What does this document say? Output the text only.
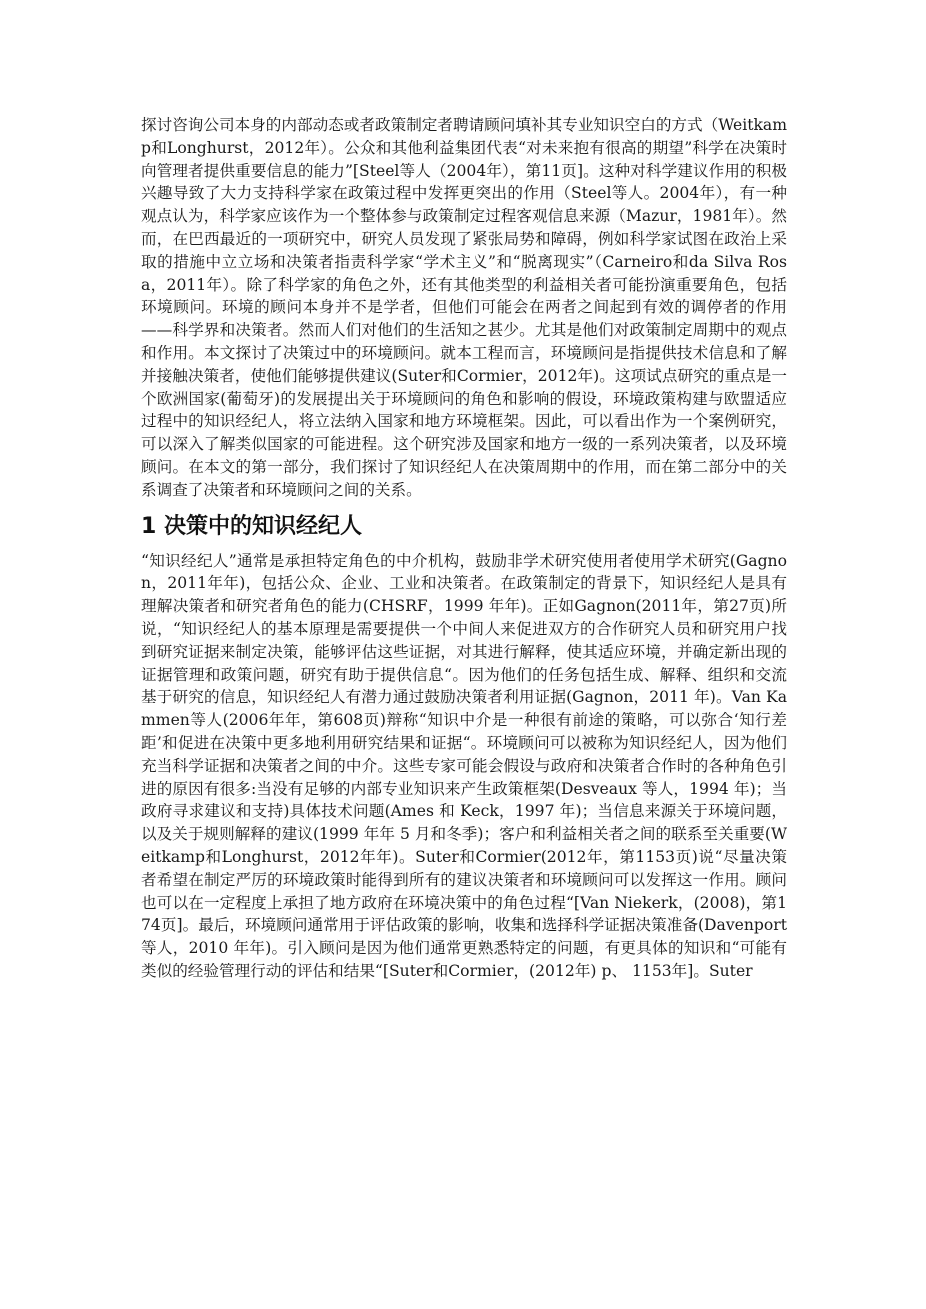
探讨咨询公司本身的内部动态或者政策制定者聘请顾问填补其专业知识空白的方式（Weitkamp和Longhurst，2012年）。公众和其他利益集团代表“对未来抱有很高的期望”科学在决策时向管理者提供重要信息的能力”[Steel等人（2004年），第11页]。这种对科学建议作用的积极兴趣导致了大力支持科学家在政策过程中发挥更突出的作用（Steel等人。2004年），有一种观点认为，科学家应该作为一个整体参与政策制定过程客观信息来源（Mazur，1981年）。然而，在巴西最近的一项研究中，研究人员发现了紧张局势和障碍，例如科学家试图在政治上采取的措施中立立场和决策者指责科学家“学术主义”和“脱离现实”（Carneiro和da Silva Rosa，2011年）。除了科学家的角色之外，还有其他类型的利益相关者可能扮演重要角色，包括环境顾问。环境的顾问本身并不是学者，但他们可能会在两者之间起到有效的调停者的作用——科学界和决策者。然而人们对他们的生活知之甚少。尤其是他们对政策制定周期中的观点和作用。本文探讨了决策过中的环境顾问。就本工程而言，环境顾问是指提供技术信息和了解并接触决策者，使他们能够提供建议(Suter和Cormier，2012年)。这项试点研究的重点是一个欧洲国家(葡萄牙)的发展提出关于环境顾问的角色和影响的假设，环境政策构建与欧盟适应过程中的知识经纪人，将立法纳入国家和地方环境框架。因此，可以看出作为一个案例研究，可以深入了解类似国家的可能进程。这个研究涉及国家和地方一级的一系列决策者，以及环境顾问。在本文的第一部分，我们探讨了知识经纪人在决策周期中的作用，而在第二部分中的关系调查了决策者和环境顾问之间的关系。

1 决策中的知识经纪人

“知识经纪人”通常是承担特定角色的中介机构，鼓励非学术研究使用者使用学术研究(Gagnon，2011年年)，包括公众、企业、工业和决策者。在政策制定的背景下，知识经纪人是具有理解决策者和研究者角色的能力(CHSRF，1999 年年)。正如Gagnon(2011年，第27页)所说，“知识经纪人的基本原理是需要提供一个中间人来促进双方的合作研究人员和研究用户找到研究证据来制定决策，能够评估这些证据，对其进行解释，使其适应环境，并确定新出现的证据管理和政策问题，研究有助于提供信息“。因为他们的任务包括生成、解释、组织和交流基于研究的信息，知识经纪人有潜力通过鼓励决策者利用证据(Gagnon，2011 年)。Van Kammen等人(2006年年，第608页)辩称“知识中介是一种很有前途的策略，可以弥合‘知行差距’和促进在决策中更多地利用研究结果和证据“。环境顾问可以被称为知识经纪人，因为他们充当科学证据和决策者之间的中介。这些专家可能会假设与政府和决策者合作时的各种角色引进的原因有很多:当没有足够的内部专业知识来产生政策框架(Desveaux 等人，1994 年)；当政府寻求建议和支持)具体技术问题(Ames 和 Keck，1997 年)；当信息来源关于环境问题，以及关于规则解释的建议(1999 年年 5 月和冬季)；客户和利益相关者之间的联系至关重要(Weitkamp和Longhurst，2012年年)。Suter和Cormier(2012年，第1153页)说“尽量决策者希望在制定严厉的环境政策时能得到所有的建议决策者和环境顾问可以发挥这一作用。顾问也可以在一定程度上承担了地方政府在环境决策中的角色过程“[Van Niekerk，(2008)，第174页]。最后，环境顾问通常用于评估政策的影响，收集和选择科学证据决策准备(Davenport 等人，2010 年年)。引入顾问是因为他们通常更熟悉特定的问题，有更具体的知识和“可能有类似的经验管理行动的评估和结果“[Suter和Cormier，(2012年) p、 1153年]。Suter
